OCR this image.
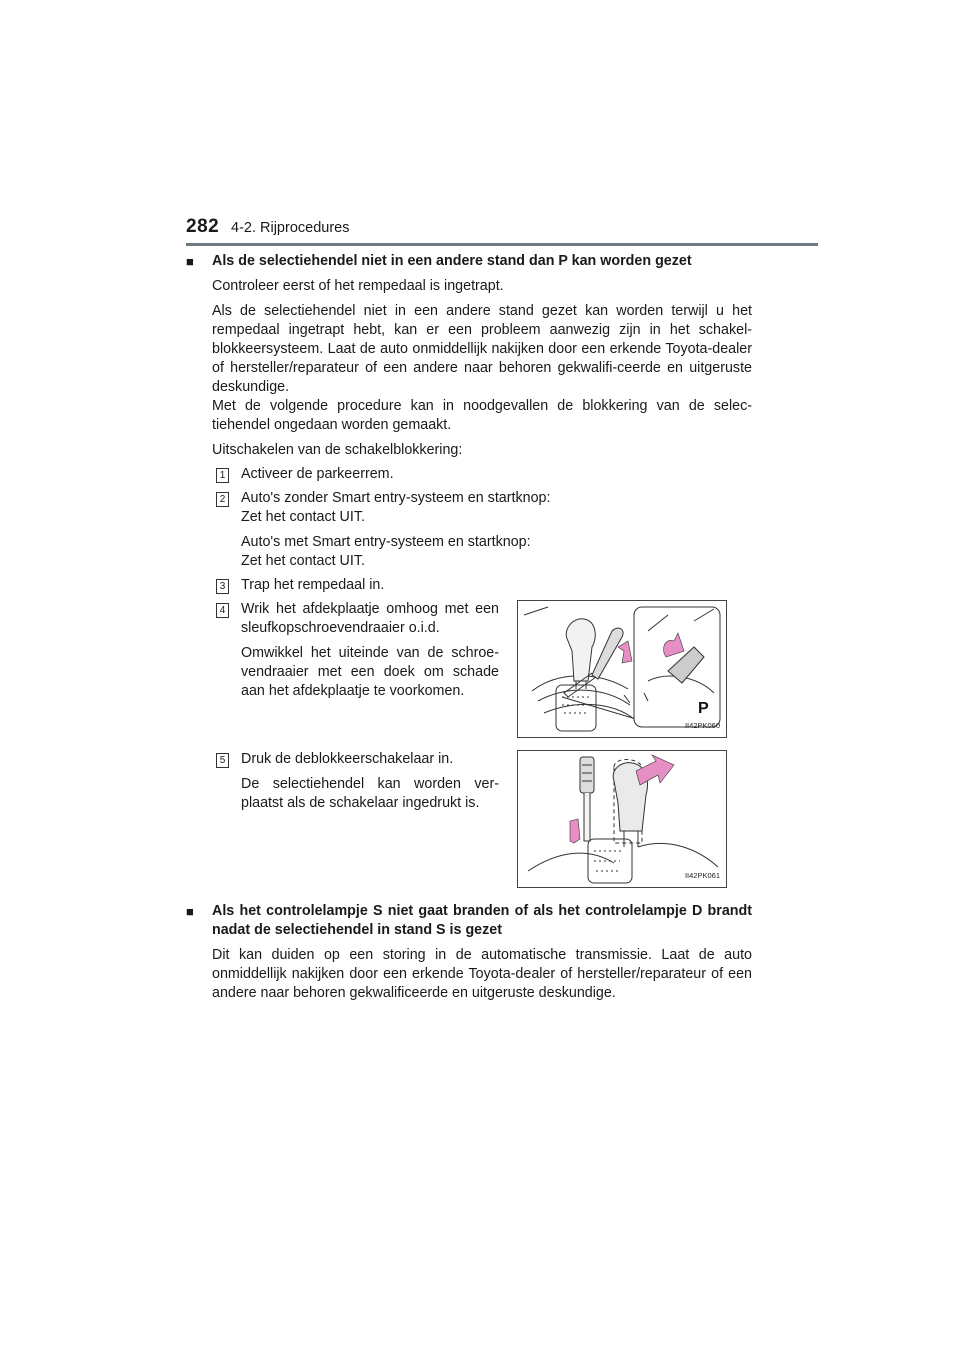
282 4-2. Rijprocedures
■	Als de selectiehendel niet in een andere stand dan P kan worden gezet

Controleer eerst of het rempedaal is ingetrapt.

Als de selectiehendel niet in een andere stand gezet kan worden terwijl u het rempedaal ingetrapt hebt, kan er een probleem aanwezig zijn in het schakel-blokkeersysteem. Laat de auto onmiddellijk nakijken door een erkende Toyota-dealer of hersteller/reparateur of een andere naar behoren gekwalifi-ceerde en uitgeruste deskundige.
Met de volgende procedure kan in noodgevallen de blokkering van de selec-tiehendel ongedaan worden gemaakt.

Uitschakelen van de schakelblokkering:

1 Activeer de parkeerrem.

2 Auto's zonder Smart entry-systeem en startknop:
Zet het contact UIT.

Auto's met Smart entry-systeem en startknop:
Zet het contact UIT.

3 Trap het rempedaal in.

4 Wrik het afdekplaatje omhoog met een sleufkopschroevendraaier o.i.d.

Omwikkel het uiteinde van de schroe-vendraaier met een doek om schade aan het afdekplaatje te voorkomen.

P
II42PK060
5 Druk de deblokkeerschakelaar in.

De selectiehendel kan worden ver-plaatst als de schakelaar ingedrukt is.

II42PK061
■	Als het controlelampje S niet gaat branden of als het controlelampje D brandt nadat de selectiehendel in stand S is gezet

Dit kan duiden op een storing in de automatische transmissie. Laat de auto onmiddellijk nakijken door een erkende Toyota-dealer of hersteller/reparateur of een andere naar behoren gekwalificeerde en uitgeruste deskundige.
